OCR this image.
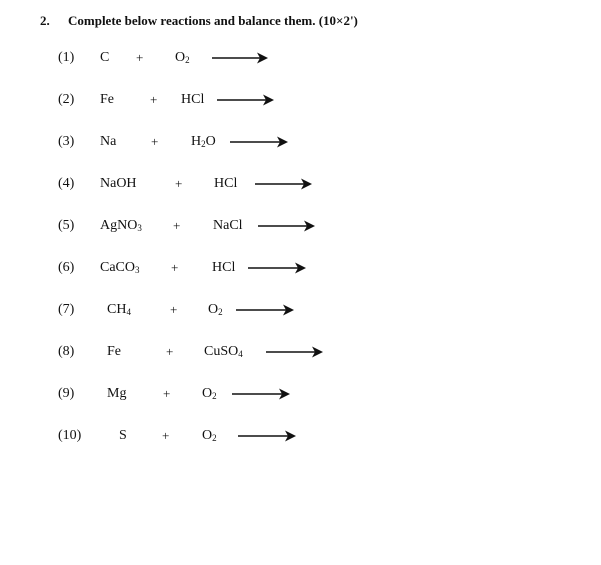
2. Complete below reactions and balance them. (10×2')
(1) $C + O_2$
(2) Fe	+ HCl
(3) Na	+ $H_2O$
(4) NaOH	+ HCl
(5) AgNO$_3$ + NaCl
(6) CaCO$_3$ + HCl
(7) $CH_4$	+ $O_2$
(8) Fe	+ CuSO$_4$
(9) Mg	+ $O_2$
(10)	S	+ $O_2$
